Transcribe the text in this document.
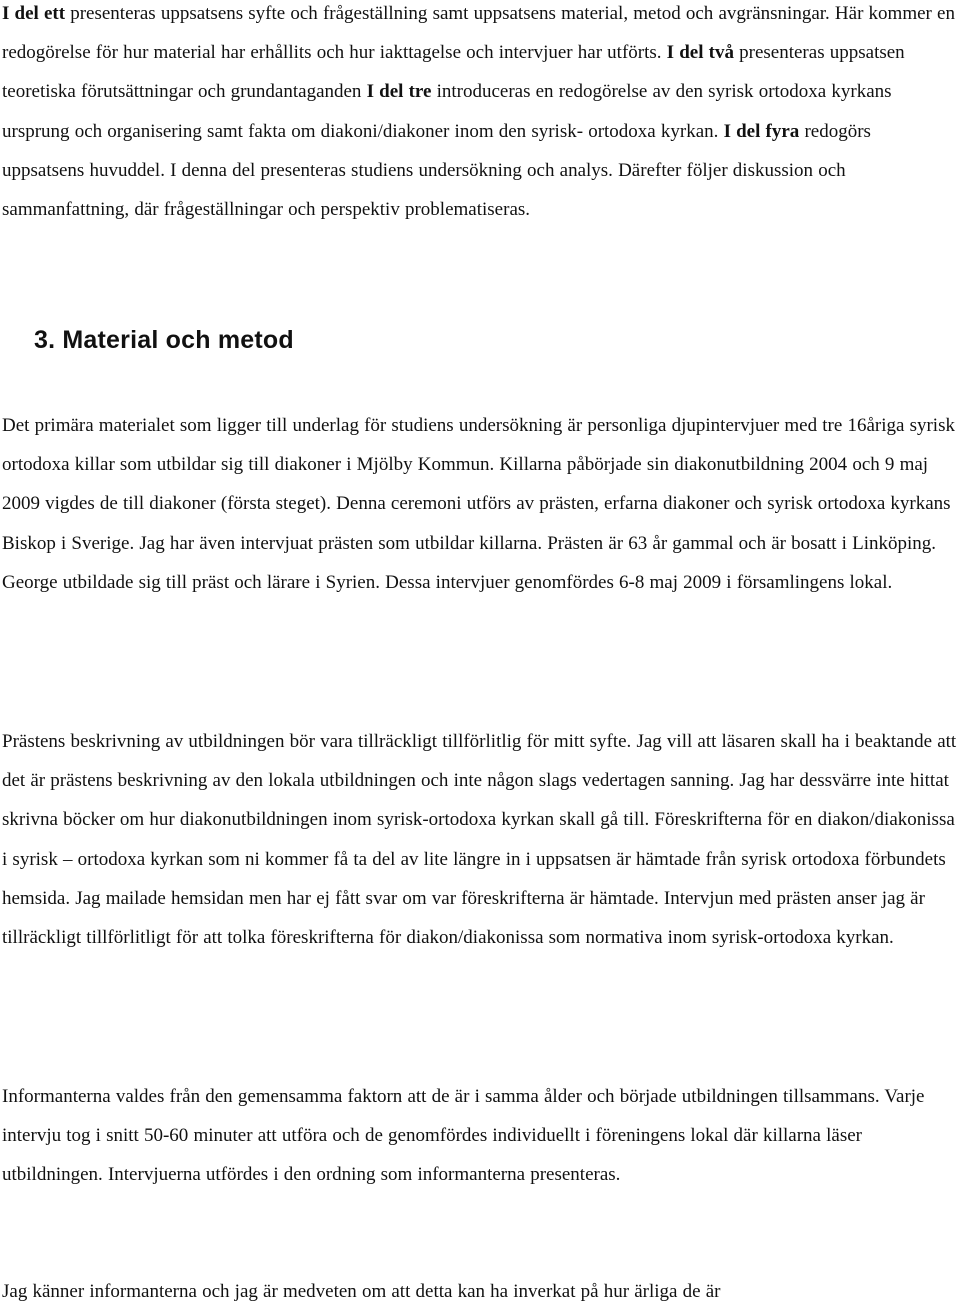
I del ett presenteras uppsatsens syfte och frågeställning samt uppsatsens material, metod och avgränsningar. Här kommer en redogörelse för hur material har erhållits och hur iakttagelse och intervjuer har utförts. I del två presenteras uppsatsen teoretiska förutsättningar och grundantaganden I del tre introduceras en redogörelse av den syrisk ortodoxa kyrkans ursprung och organisering samt fakta om diakoni/diakoner inom den syrisk- ortodoxa kyrkan. I del fyra redogörs uppsatsens huvuddel. I denna del presenteras studiens undersökning och analys. Därefter följer diskussion och sammanfattning, där frågeställningar och perspektiv problematiseras.

3. Material och metod

Det primära materialet som ligger till underlag för studiens undersökning är personliga djupintervjuer med tre 16åriga syrisk ortodoxa killar som utbildar sig till diakoner i Mjölby Kommun. Killarna påbörjade sin diakonutbildning 2004 och 9 maj 2009 vigdes de till diakoner (första steget). Denna ceremoni utförs av prästen, erfarna diakoner och syrisk ortodoxa kyrkans Biskop i Sverige. Jag har även intervjuat prästen som utbildar killarna. Prästen är 63 år gammal och är bosatt i Linköping. George utbildade sig till präst och lärare i Syrien. Dessa intervjuer genomfördes 6-8 maj 2009 i församlingens lokal.

Prästens beskrivning av utbildningen bör vara tillräckligt tillförlitlig för mitt syfte. Jag vill att läsaren skall ha i beaktande att det är prästens beskrivning av den lokala utbildningen och inte någon slags vedertagen sanning. Jag har dessvärre inte hittat skrivna böcker om hur diakonutbildningen inom syrisk-ortodoxa kyrkan skall gå till. Föreskrifterna för en diakon/diakonissa i syrisk – ortodoxa kyrkan som ni kommer få ta del av lite längre in i uppsatsen är hämtade från syrisk ortodoxa förbundets hemsida. Jag mailade hemsidan men har ej fått svar om var föreskrifterna är hämtade. Intervjun med prästen anser jag är tillräckligt tillförlitligt för att tolka föreskrifterna för diakon/diakonissa som normativa inom syrisk-ortodoxa kyrkan.

Informanterna valdes från den gemensamma faktorn att de är i samma ålder och började utbildningen tillsammans. Varje intervju tog i snitt 50-60 minuter att utföra och de genomfördes individuellt i föreningens lokal där killarna läser utbildningen. Intervjuerna utfördes i den ordning som informanterna presenteras.

Jag känner informanterna och jag är medveten om att detta kan ha inverkat på hur ärliga de är
